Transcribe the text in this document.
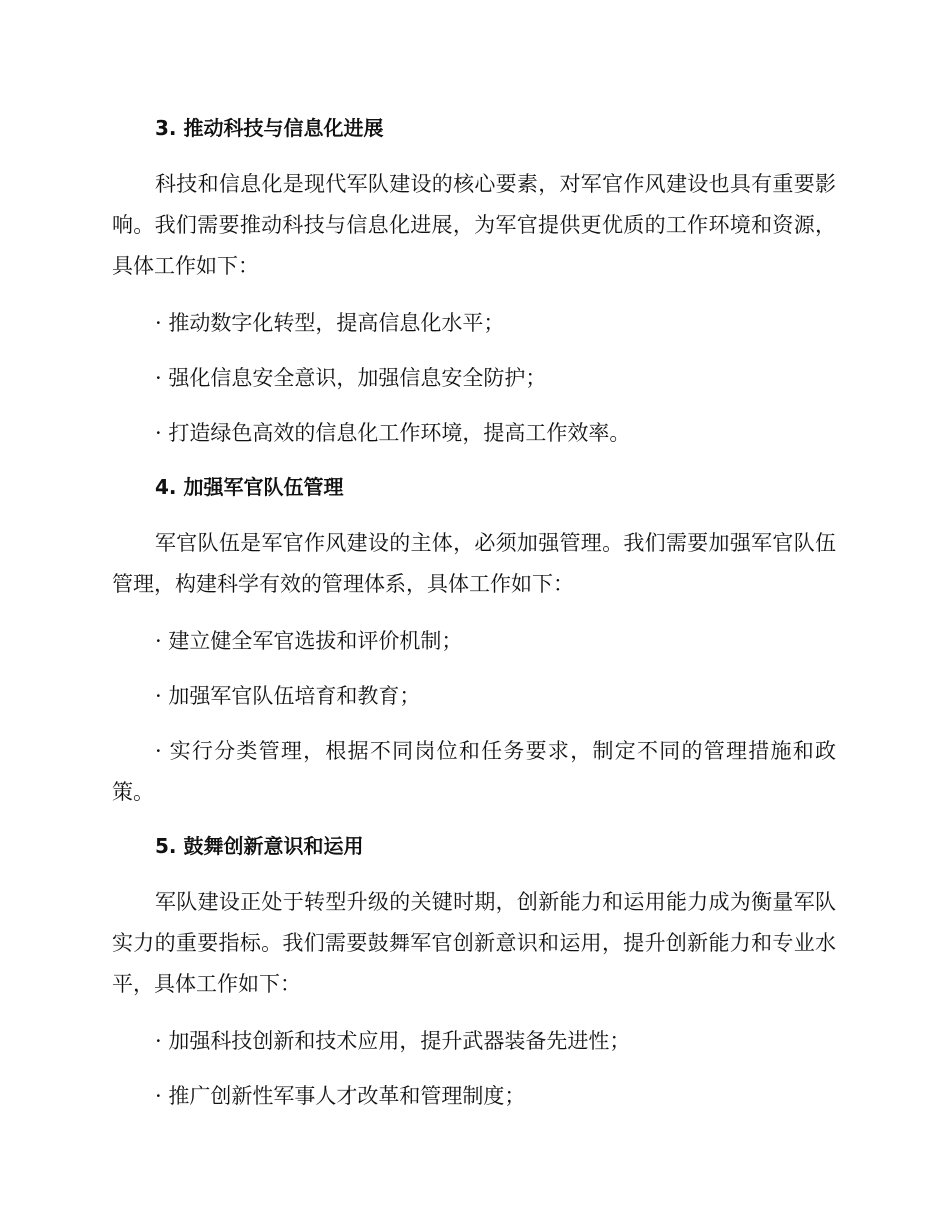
3. 推动科技与信息化进展

科技和信息化是现代军队建设的核心要素，对军官作风建设也具有重要影响。我们需要推动科技与信息化进展，为军官提供更优质的工作环境和资源，具体工作如下：

· 推动数字化转型，提高信息化水平；

· 强化信息安全意识，加强信息安全防护；

· 打造绿色高效的信息化工作环境，提高工作效率。

4. 加强军官队伍管理

军官队伍是军官作风建设的主体，必须加强管理。我们需要加强军官队伍管理，构建科学有效的管理体系，具体工作如下：

· 建立健全军官选拔和评价机制；

· 加强军官队伍培育和教育；

· 实行分类管理，根据不同岗位和任务要求，制定不同的管理措施和政策。

5. 鼓舞创新意识和运用

军队建设正处于转型升级的关键时期，创新能力和运用能力成为衡量军队实力的重要指标。我们需要鼓舞军官创新意识和运用，提升创新能力和专业水平，具体工作如下：

· 加强科技创新和技术应用，提升武器装备先进性；

· 推广创新性军事人才改革和管理制度；
